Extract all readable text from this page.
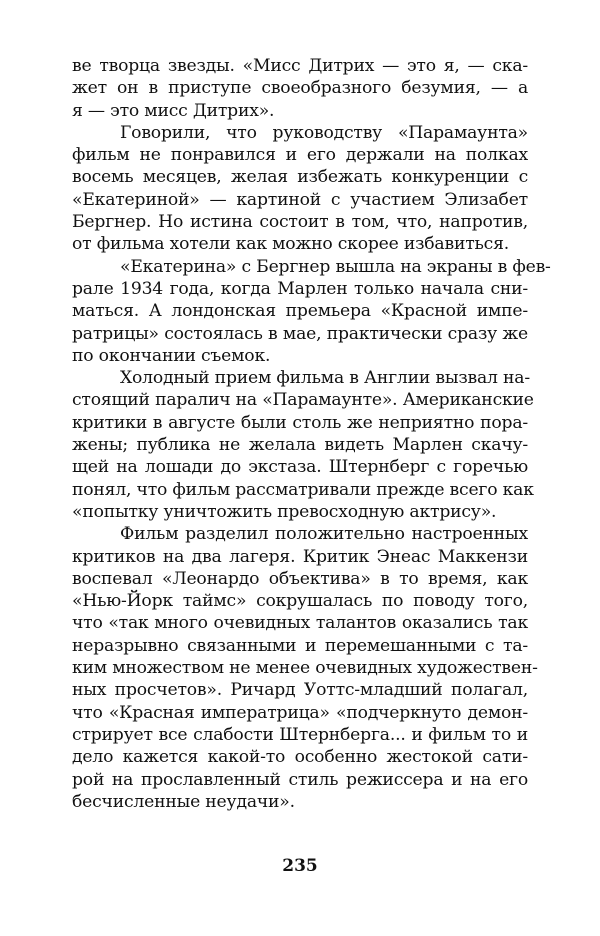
ве творца звезды. «Мисс Дитрих — это я, — ска-
жет он в приступе своеобразного безумия, — а
я — это мисс Дитрих».
Говорили, что руководству «Парамаунта»
фильм не понравился и его держали на полках
восемь месяцев, желая избежать конкуренции с
«Екатериной» — картиной с участием Элизабет
Бергнер. Но истина состоит в том, что, напротив,
от фильма хотели как можно скорее избавиться.
«Екатерина» с Бергнер вышла на экраны в фев-
рале 1934 года, когда Марлен только начала сни-
маться. А лондонская премьера «Красной импе-
ратрицы» состоялась в мае, практически сразу же
по окончании съемок.
Холодный прием фильма в Англии вызвал на-
стоящий паралич на «Парамаунте». Американские
критики в августе были столь же неприятно пора-
жены; публика не желала видеть Марлен скачу-
щей на лошади до экстаза. Штернберг с горечью
понял, что фильм рассматривали прежде всего как
«попытку уничтожить превосходную актрису».
Фильм разделил положительно настроенных
критиков на два лагеря. Критик Энеас Маккензи
воспевал «Леонардо объектива» в то время, как
«Нью-Йорк таймс» сокрушалась по поводу того,
что «так много очевидных талантов оказались так
неразрывно связанными и перемешанными с та-
ким множеством не менее очевидных художествен-
ных просчетов». Ричард Уоттс-младший полагал,
что «Красная императрица» «подчеркнуто демон-
стрирует все слабости Штернберга... и фильм то и
дело кажется какой-то особенно жестокой сати-
рой на прославленный стиль режиссера и на его
бесчисленные неудачи».
235
